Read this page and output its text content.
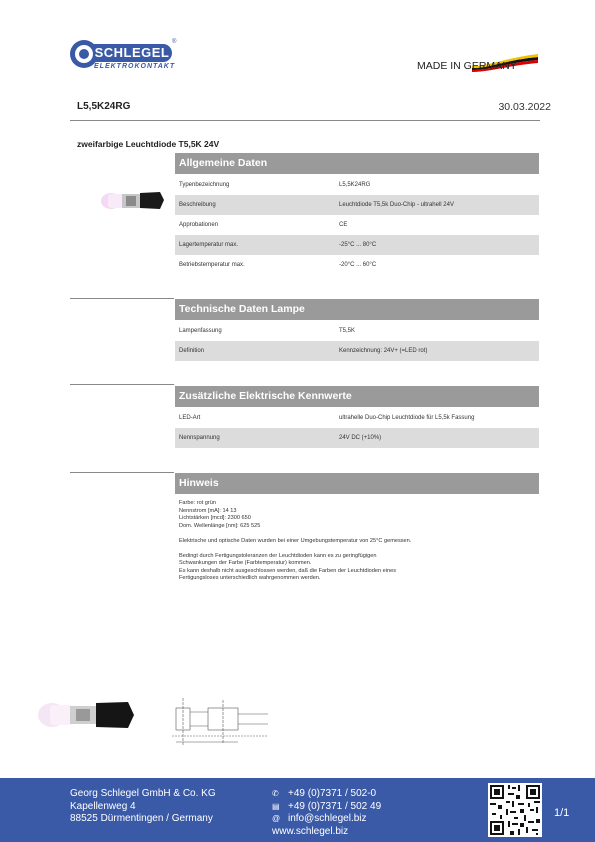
SCHLEGEL
®
ELEKTROKONTAKT	MADE IN GERMANY
L5,5K24RG	30.03.2022
zweifarbige Leuchtdiode T5,5K 24V
Allgemeine Daten
Typenbezeichnung	L5,5K24RG
Beschreibung	Leuchtdiode T5,5k Duo-Chip - ultrahell 24V
Approbationen	CE
Lagertemperatur max.	-25°C ... 80°C
Betriebstemperatur max.	-20°C ... 60°C
Technische Daten Lampe
Lampenfassung	T5,5K
Definition	Kennzeichnung: 24V+ (=LED rot)
Zusätzliche Elektrische Kennwerte
LED-Art	ultrahelle Duo-Chip Leuchtdiode für L5,5k Fassung
Nennspannung	24V DC (+10%)
Hinweis
Farbe: rot grün
Nennstrom [mA]: 14 13
Lichtstärken [mcd]: 2300 650
Dom. Wellenlänge [nm]: 625 525
Elektrische und optische Daten wurden bei einer Umgebungstemperatur von 25°C gemessen.
Bedingt durch Fertigungstoleranzen der Leuchtdioden kann es zu geringfügigen
Schwankungen der Farbe (Farbtemperatur) kommen.
Es kann deshalb nicht ausgeschlossen werden, daß die Farben der Leuchtdioden eines
Fertigungsloses unterschiedlich wahrgenommen werden.
Georg Schlegel GmbH & Co. KG
Kapellenweg 4
88525 Dürmentingen / Germany
✆ +49 (0)7371 / 502-0
▤ +49 (0)7371 / 502 49
@ info@schlegel.biz
www.schlegel.biz
1/1
